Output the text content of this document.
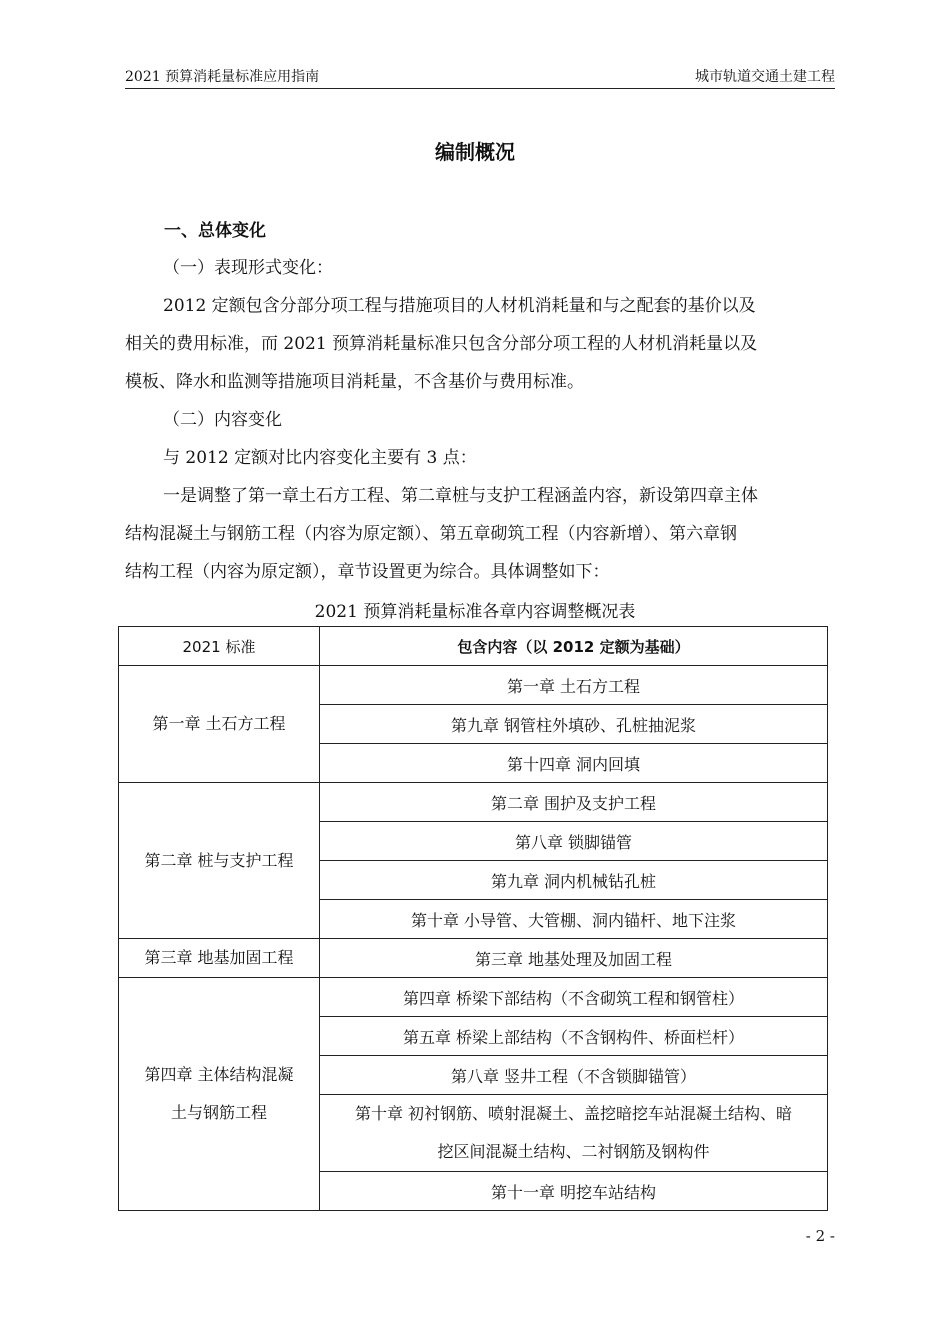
2021 预算消耗量标准应用指南	城市轨道交通土建工程
编制概况
一、总体变化
（一）表现形式变化：
2012 定额包含分部分项工程与措施项目的人材机消耗量和与之配套的基价以及
相关的费用标准，而 2021 预算消耗量标准只包含分部分项工程的人材机消耗量以及
模板、降水和监测等措施项目消耗量，不含基价与费用标准。
（二）内容变化
与 2012 定额对比内容变化主要有 3 点：
一是调整了第一章土石方工程、第二章桩与支护工程涵盖内容，新设第四章主体
结构混凝土与钢筋工程（内容为原定额）、第五章砌筑工程（内容新增）、第六章钢
结构工程（内容为原定额），章节设置更为综合。具体调整如下：
2021 预算消耗量标准各章内容调整概况表
2021 标准	包含内容（以 2012 定额为基础）
第一章 土石方工程	第一章 土石方工程
	第九章 钢管柱外填砂、孔桩抽泥浆
	第十四章 洞内回填
第二章 桩与支护工程	第二章 围护及支护工程
	第八章 锁脚锚管
	第九章 洞内机械钻孔桩
	第十章 小导管、大管棚、洞内锚杆、地下注浆
第三章 地基加固工程	第三章 地基处理及加固工程

第四章 主体结构混凝
土与钢筋工程	第四章 桥梁下部结构（不含砌筑工程和钢管柱）
	第五章 桥梁上部结构（不含钢构件、桥面栏杆）
	第八章 竖井工程（不含锁脚锚管）

	第十章 初衬钢筋、喷射混凝土、盖挖暗挖车站混凝土结构、暗
挖区间混凝土结构、二衬钢筋及钢构件

	第十一章 明挖车站结构
- 2 -
